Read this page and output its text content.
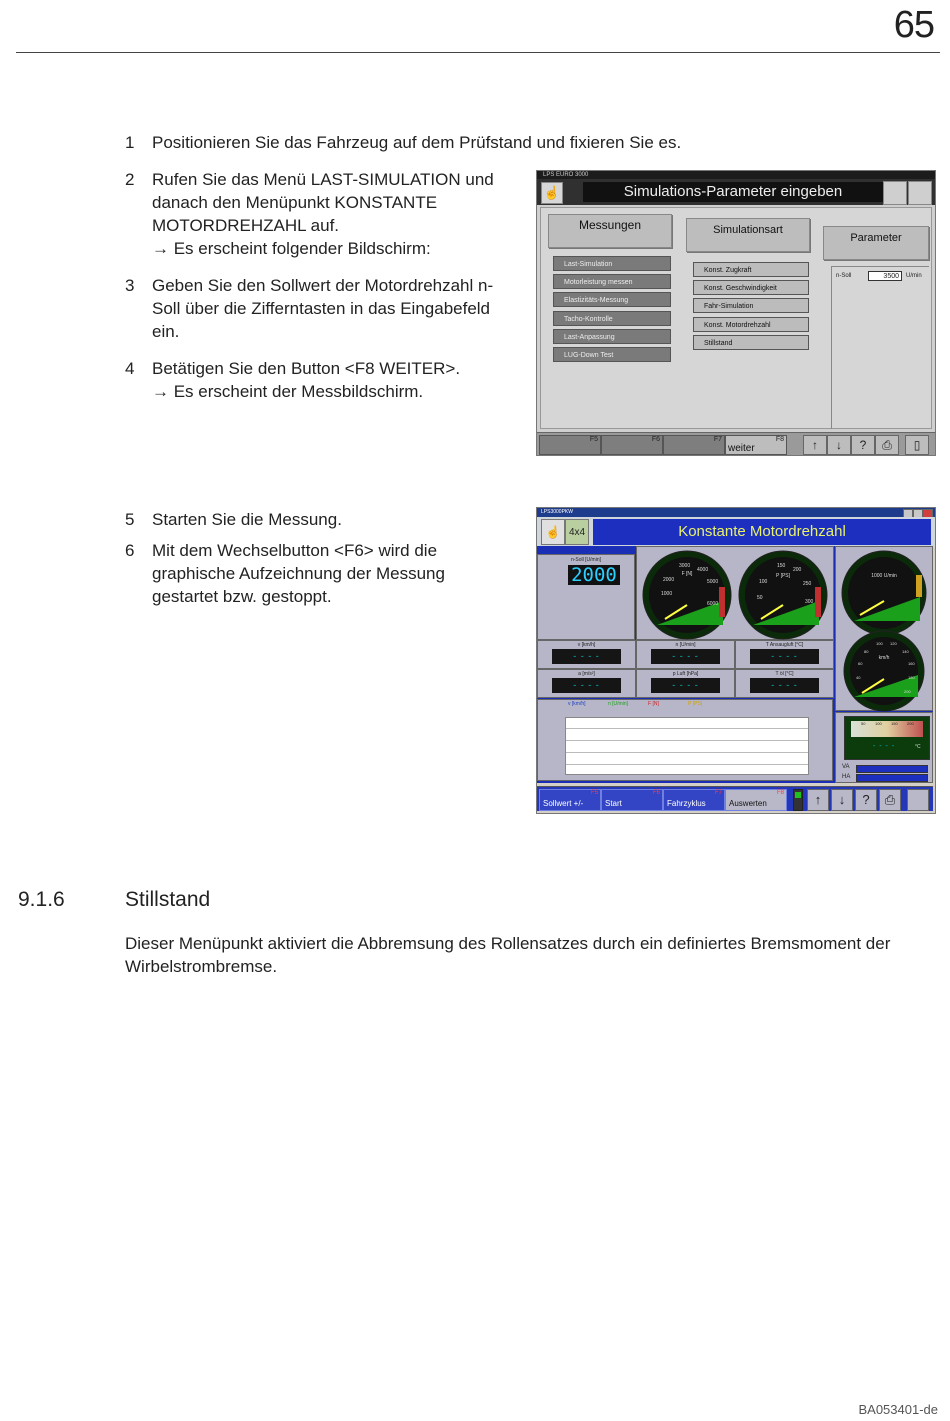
65
1	Positionieren Sie das Fahrzeug auf dem Prüfstand und fixieren Sie es.
2	Rufen Sie das Menü LAST-SIMULATION und
danach den Menüpunkt KONSTANTE
MOTORDREHZAHL auf.
→ Es erscheint folgender Bildschirm:
3	Geben Sie den Sollwert der Motordrehzahl n-
Soll über die Zifferntasten in das Eingabefeld
ein.
4	Betätigen Sie den Button <F8 WEITER>.
→ Es erscheint der Messbildschirm.
5	Starten Sie die Messung.
6	Mit dem Wechselbutton <F6> wird die
graphische Aufzeichnung der Messung
gestartet bzw. gestoppt.
LPS EURO 3000
☝	Simulations-Parameter eingeben
Messungen	Simulationsart
Parameter
Last-Simulation
Motorleistung messen
Elastizitäts-Messung
Tacho-Kontrolle
Last-Anpassung
LUG-Down Test
Konst. Zugkraft
Konst. Geschwindigkeit
Fahr-Simulation
Konst. Motordrehzahl
Stillstand
n-Soll	3500	U/min
F5	F6	F7	F8
weiter	↑	↓	?	⎙	▯
LPS3000PKW
☝ 4x4	Konstante Motordrehzahl
n-Soll [U/min]
2000	F [N]
1000
2000
3000
4000
5000
6000
P [PS]
50
100
150
200
250
300
1000 U/min
km/h
40
60
80
100 120
140
160
180
200
v [km/h]
- - - -
n [U/min]
- - - -
T Ansaugluft [°C]
- - - -
a [m/s²]
- - - -
p Luft [hPa]
- - - -
T öl [°C]
- - - -
v [km/h]	n [U/min]	F [N]	P [PS]
50 100 150 200
- - - -	°C
VA
HA
Sollwert +/-
F5
Start
F6
Fahrzyklus
F7
Auswerten
F8	↑	↓	?	⎙
9.1.6	Stillstand
Dieser Menüpunkt aktiviert die Abbremsung des Rollensatzes durch ein definiertes Bremsmoment der Wirbelstrombremse.
BA053401-de
